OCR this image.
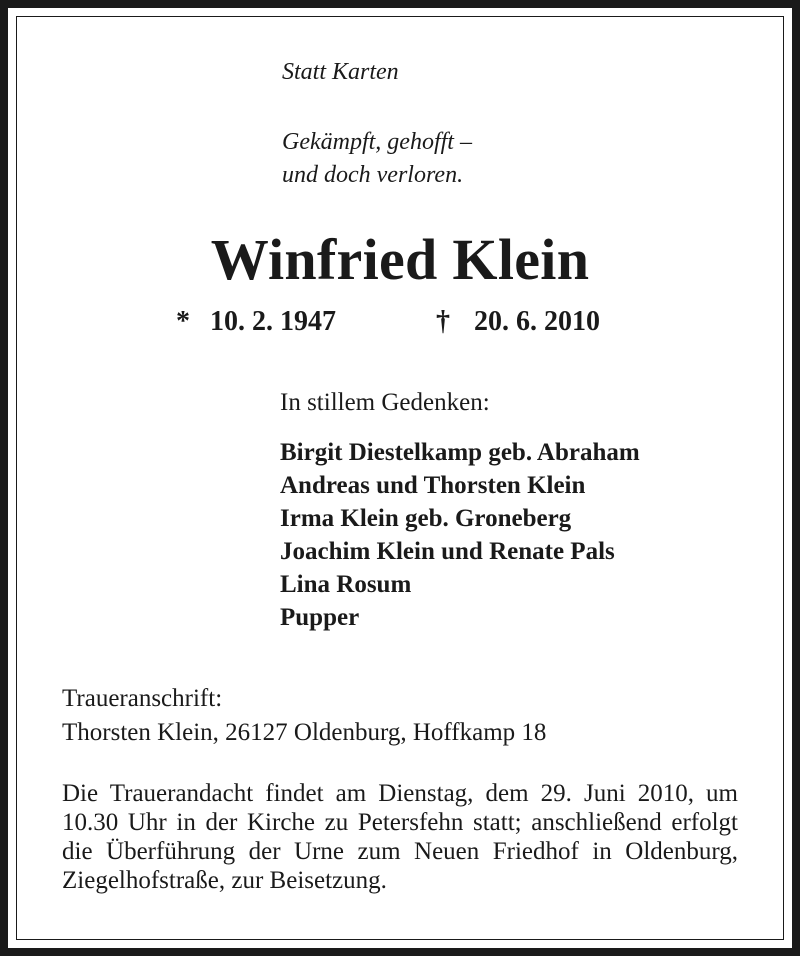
Statt Karten
Gekämpft, gehofft –
und doch verloren.
Winfried Klein
* 10. 2. 1947	† 20. 6. 2010
In stillem Gedenken:
Birgit Diestelkamp geb. Abraham
Andreas und Thorsten Klein
Irma Klein geb. Groneberg
Joachim Klein und Renate Pals
Lina Rosum
Pupper
Traueranschrift:
Thorsten Klein, 26127 Oldenburg, Hoffkamp 18
Die Trauerandacht findet am Dienstag, dem 29. Juni 2010, um 10.30 Uhr in der Kirche zu Petersfehn statt; anschließend erfolgt die Überführung der Urne zum Neuen Friedhof in Oldenburg, Ziegelhofstraße, zur Beisetzung.
